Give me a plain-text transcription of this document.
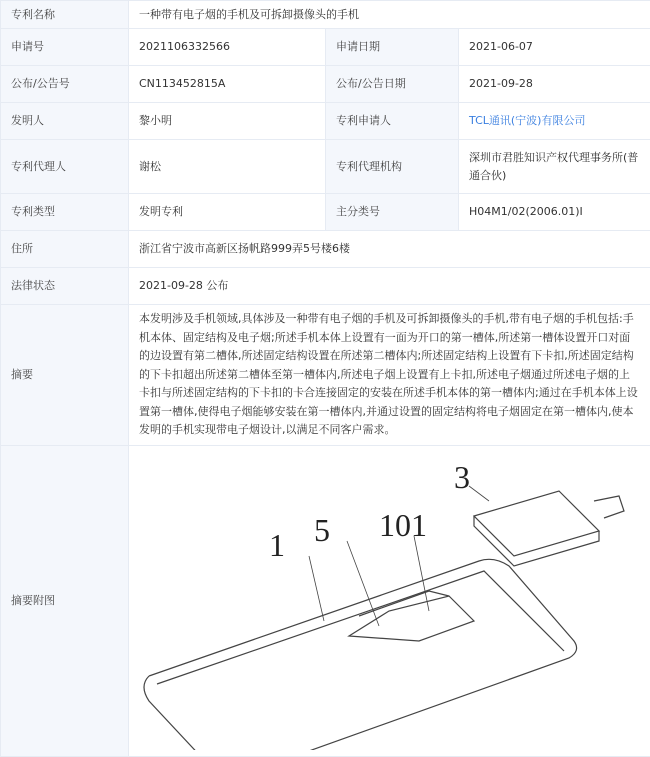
专利名称	一种带有电子烟的手机及可拆卸摄像头的手机		
申请号	2021106332566	申请日期	2021-06-07
公布/公告号	CN113452815A	公布/公告日期	2021-09-28
发明人	黎小明	专利申请人	TCL通讯(宁波)有限公司
专利代理人	谢松	专利代理机构	深圳市君胜知识产权代理事务所(普通合伙)
专利类型	发明专利	主分类号	H04M1/02(2006.01)I
住所	浙江省宁波市高新区扬帆路999弄5号楼6楼		
法律状态	2021-09-28 公布		
摘要	本发明涉及手机领域,具体涉及一种带有电子烟的手机及可拆卸摄像头的手机,带有电子烟的手机包括:手机本体、固定结构及电子烟;所述手机本体上设置有一面为开口的第一槽体,所述第一槽体设置开口对面的边设置有第二槽体,所述固定结构设置在所述第二槽体内;所述固定结构上设置有下卡扣,所述固定结构的下卡扣超出所述第二槽体至第一槽体内,所述电子烟上设置有上卡扣,所述电子烟通过所述电子烟的上卡扣与所述固定结构的下卡扣的卡合连接固定的安装在所述手机本体的第一槽体内;通过在手机本体上设置第一槽体,使得电子烟能够安装在第一槽体内,并通过设置的固定结构将电子烟固定在第一槽体内,使本发明的手机实现带电子烟设计,以满足不同客户需求。		
摘要附图	1 5 101
3		
